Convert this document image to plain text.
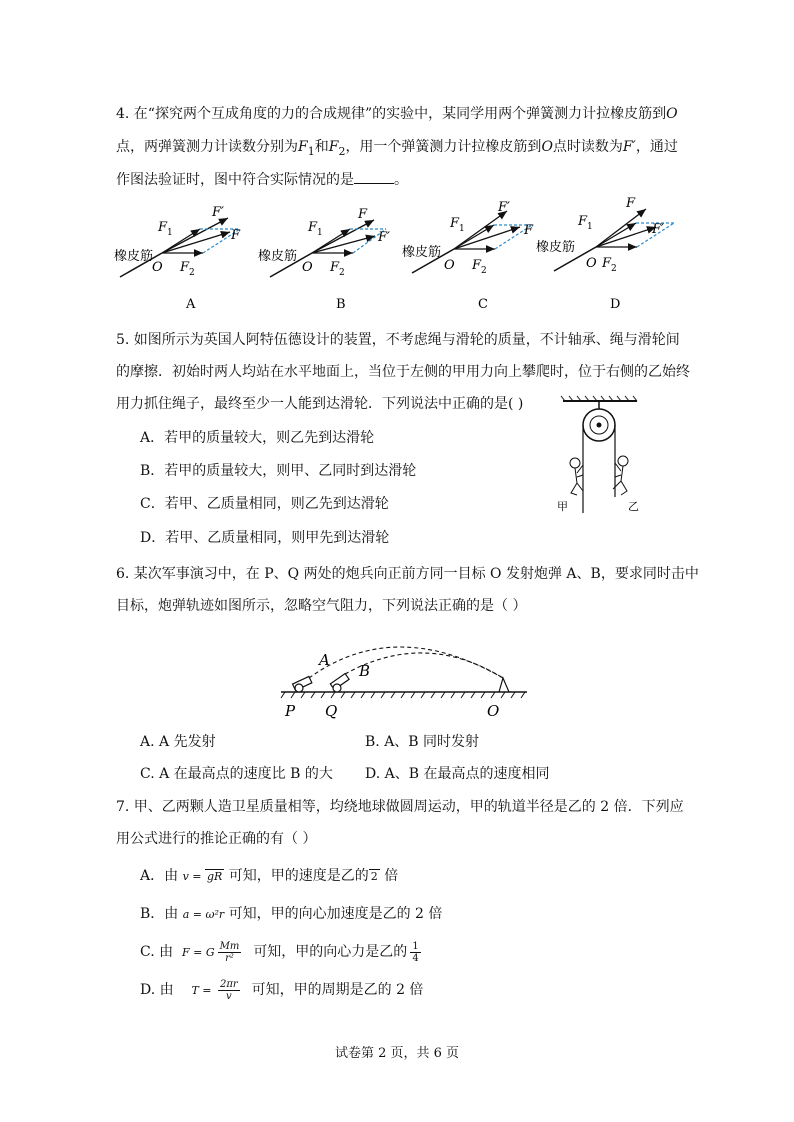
4. 在“探究两个互成角度的力的合成规律”的实验中，某同学用两个弹簧测力计拉橡皮筋到O
点，两弹簧测力计读数分别为$F_1$和$F_2$，用一个弹簧测力计拉橡皮筋到O点时读数为F′，通过
作图法验证时，图中符合实际情况的是	。
F 1
F′
F
橡皮筋
O F 2
A
F 1
F
F′
橡皮筋
O F 2
B
F 1
F′
F
橡皮筋
O F 2
C
F 1
F
F′
橡皮筋
O F 2
D
5. 如图所示为英国人阿特伍德设计的装置，不考虑绳与滑轮的质量，不计轴承、绳与滑轮间
的摩擦．初始时两人均站在水平地面上，当位于左侧的甲用力向上攀爬时，位于右侧的乙始终
用力抓住绳子，最终至少一人能到达滑轮．下列说法中正确的是( )
A．若甲的质量较大，则乙先到达滑轮
B．若甲的质量较大，则甲、乙同时到达滑轮
C．若甲、乙质量相同，则乙先到达滑轮
D．若甲、乙质量相同，则甲先到达滑轮
甲	乙
6. 某次军事演习中，在 P、Q 两处的炮兵向正前方同一目标 O 发射炮弹 A、B，要求同时击中
目标，炮弹轨迹如图所示，忽略空气阻力，下列说法正确的是（ ）
A
B
P Q	O
A. A 先发射	B. A、B 同时发射
C. A 在最高点的速度比 B 的大 D. A、B 在最高点的速度相同
7. 甲、乙两颗人造卫星质量相等，均绕地球做圆周运动，甲的轨道半径是乙的 2 倍．下列应
用公式进行的推论正确的有（ ）
A．由 v = gR 可知，甲的速度是乙的 2 倍
B．由 a = ω²r 可知，甲的向心加速度是乙的 2 倍
C. 由 F = G $\frac{Mm}{\text{r²}}$ 可知，甲的向心力是乙的 $\frac{1}{4}$
D. 由 $T = \frac{2\pi r}{v}$ 可知，甲的周期是乙的 2 倍
试卷第 2 页，共 6 页
